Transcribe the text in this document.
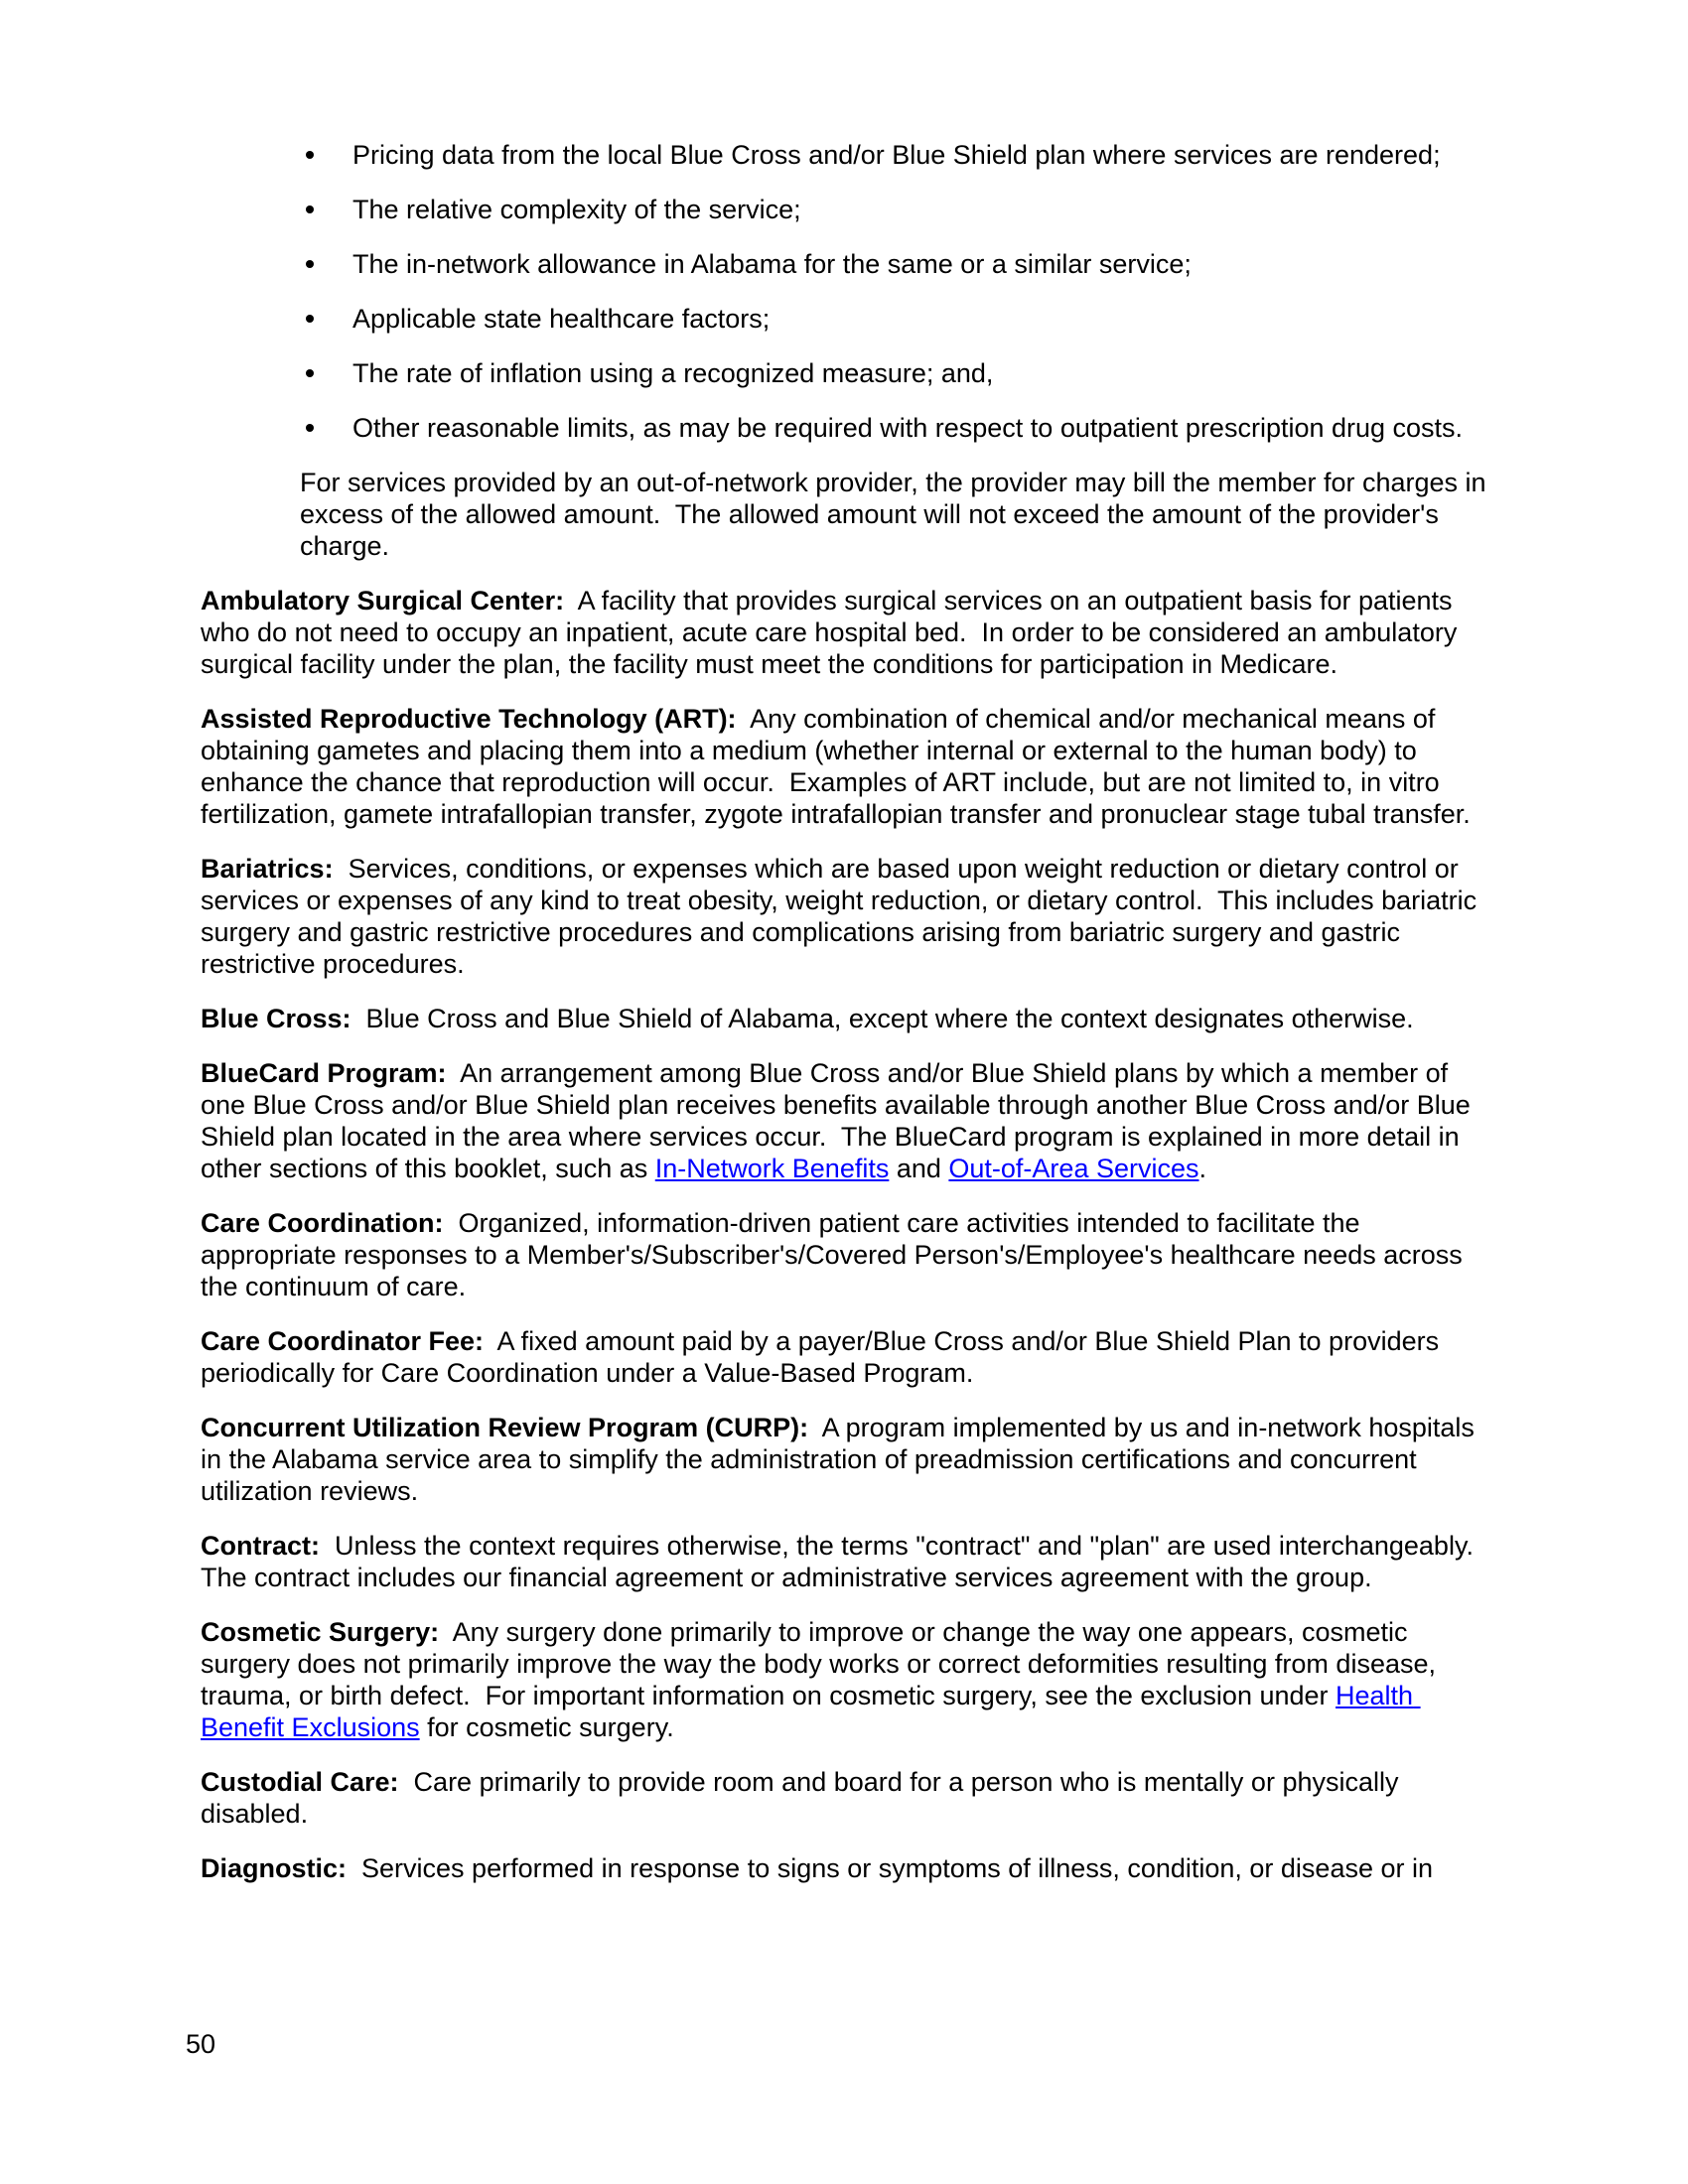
Pricing data from the local Blue Cross and/or Blue Shield plan where services are rendered;
The relative complexity of the service;
The in-network allowance in Alabama for the same or a similar service;
Applicable state healthcare factors;
The rate of inflation using a recognized measure; and,
Other reasonable limits, as may be required with respect to outpatient prescription drug costs.

For services provided by an out-of-network provider, the provider may bill the member for charges in excess of the allowed amount.  The allowed amount will not exceed the amount of the provider's charge.

Ambulatory Surgical Center:  A facility that provides surgical services on an outpatient basis for patients who do not need to occupy an inpatient, acute care hospital bed.  In order to be considered an ambulatory surgical facility under the plan, the facility must meet the conditions for participation in Medicare.

Assisted Reproductive Technology (ART):  Any combination of chemical and/or mechanical means of obtaining gametes and placing them into a medium (whether internal or external to the human body) to enhance the chance that reproduction will occur.  Examples of ART include, but are not limited to, in vitro fertilization, gamete intrafallopian transfer, zygote intrafallopian transfer and pronuclear stage tubal transfer.

Bariatrics:  Services, conditions, or expenses which are based upon weight reduction or dietary control or services or expenses of any kind to treat obesity, weight reduction, or dietary control.  This includes bariatric surgery and gastric restrictive procedures and complications arising from bariatric surgery and gastric restrictive procedures.

Blue Cross:  Blue Cross and Blue Shield of Alabama, except where the context designates otherwise.

BlueCard Program:  An arrangement among Blue Cross and/or Blue Shield plans by which a member of one Blue Cross and/or Blue Shield plan receives benefits available through another Blue Cross and/or Blue Shield plan located in the area where services occur.  The BlueCard program is explained in more detail in other sections of this booklet, such as In-Network Benefits and Out-of-Area Services.

Care Coordination:  Organized, information-driven patient care activities intended to facilitate the appropriate responses to a Member's/Subscriber's/Covered Person's/Employee's healthcare needs across the continuum of care.

Care Coordinator Fee:  A fixed amount paid by a payer/Blue Cross and/or Blue Shield Plan to providers periodically for Care Coordination under a Value-Based Program.

Concurrent Utilization Review Program (CURP):  A program implemented by us and in-network hospitals in the Alabama service area to simplify the administration of preadmission certifications and concurrent utilization reviews.

Contract:  Unless the context requires otherwise, the terms "contract" and "plan" are used interchangeably.  The contract includes our financial agreement or administrative services agreement with the group.

Cosmetic Surgery:  Any surgery done primarily to improve or change the way one appears, cosmetic surgery does not primarily improve the way the body works or correct deformities resulting from disease, trauma, or birth defect.  For important information on cosmetic surgery, see the exclusion under Health Benefit Exclusions for cosmetic surgery.

Custodial Care:  Care primarily to provide room and board for a person who is mentally or physically disabled.

Diagnostic:  Services performed in response to signs or symptoms of illness, condition, or disease or in

50
